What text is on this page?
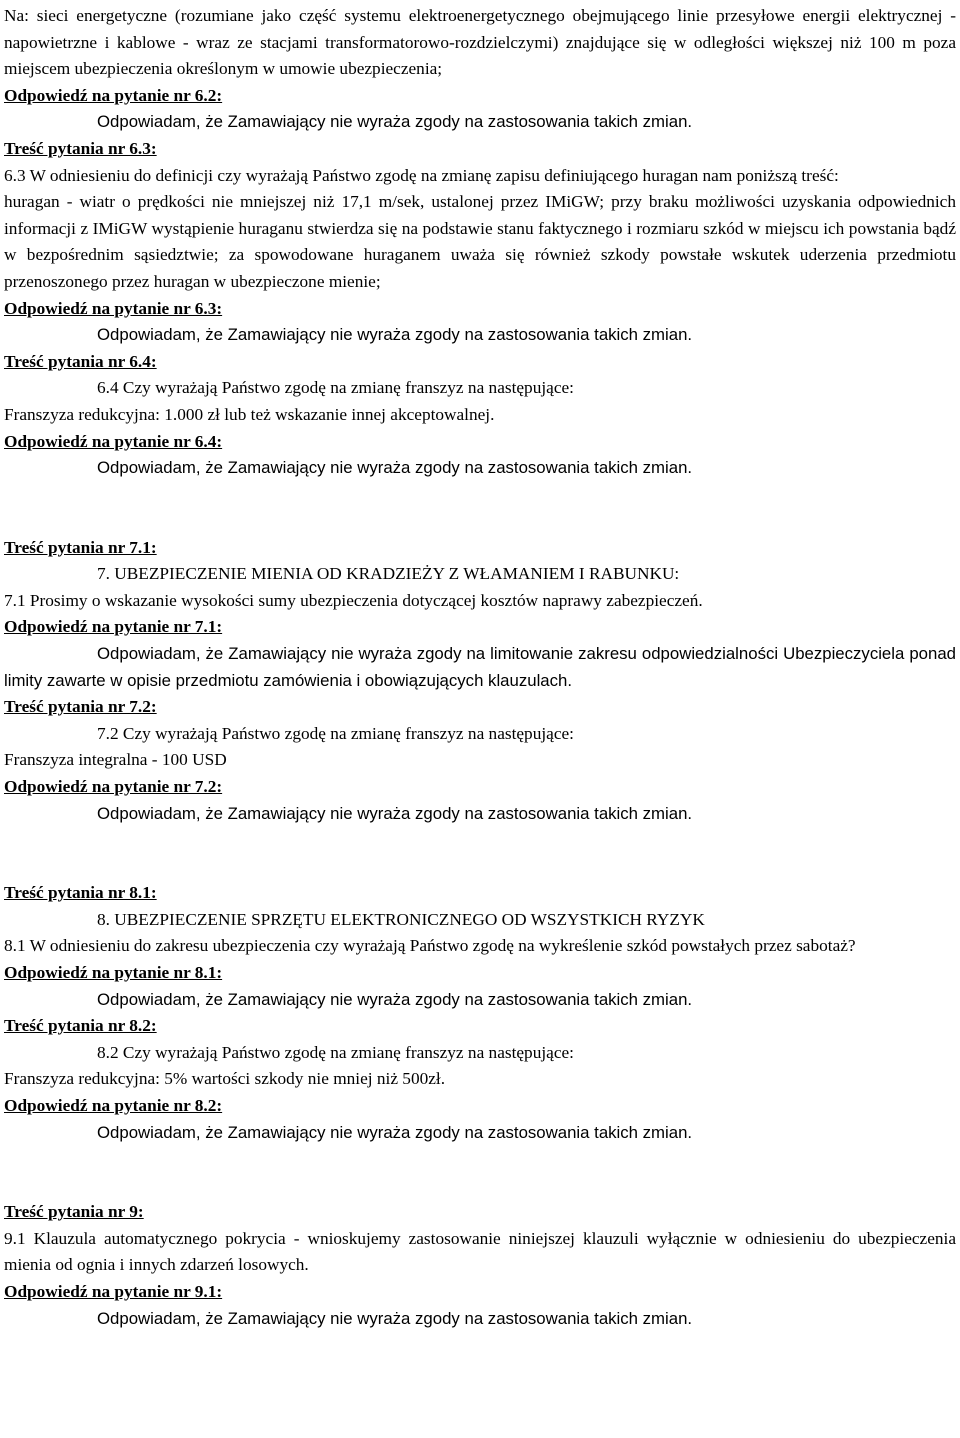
Na: sieci energetyczne (rozumiane jako część systemu elektroenergetycznego obejmującego linie przesyłowe energii elektrycznej - napowietrzne i kablowe - wraz ze stacjami transformatorowo-rozdzielczymi) znajdujące się w odległości większej niż 100 m poza miejscem ubezpieczenia określonym w umowie ubezpieczenia;

Odpowiedź na pytanie nr 6.2:

Odpowiadam, że Zamawiający nie wyraża zgody na zastosowania takich zmian.

Treść pytania nr 6.3:

6.3 W odniesieniu do definicji czy wyrażają Państwo zgodę na zmianę zapisu definiującego huragan nam poniższą treść:

huragan - wiatr o prędkości nie mniejszej niż 17,1 m/sek, ustalonej przez IMiGW; przy braku możliwości uzyskania odpowiednich informacji z IMiGW wystąpienie huraganu stwierdza się na podstawie stanu faktycznego i rozmiaru szkód w miejscu ich powstania bądź w bezpośrednim sąsiedztwie; za spowodowane huraganem uważa się również szkody powstałe wskutek uderzenia przedmiotu przenoszonego przez huragan w ubezpieczone mienie;

Odpowiedź na pytanie nr 6.3:

Odpowiadam, że Zamawiający nie wyraża zgody na zastosowania takich zmian.

Treść pytania nr 6.4:

6.4 Czy wyrażają Państwo zgodę na zmianę franszyz na następujące:

Franszyza redukcyjna: 1.000 zł lub też wskazanie innej akceptowalnej.

Odpowiedź na pytanie nr 6.4:

Odpowiadam, że Zamawiający nie wyraża zgody na zastosowania takich zmian.

Treść pytania nr 7.1:

7. UBEZPIECZENIE MIENIA OD KRADZIEŻY Z WŁAMANIEM I RABUNKU:

7.1 Prosimy o wskazanie wysokości sumy ubezpieczenia dotyczącej kosztów naprawy zabezpieczeń.

Odpowiedź na pytanie nr 7.1:

Odpowiadam, że Zamawiający nie wyraża zgody na limitowanie zakresu odpowiedzialności Ubezpieczyciela ponad limity zawarte w opisie przedmiotu zamówienia i obowiązujących klauzulach.

Treść pytania nr 7.2:

7.2 Czy wyrażają Państwo zgodę na zmianę franszyz na następujące:

Franszyza integralna - 100 USD

Odpowiedź na pytanie nr 7.2:

Odpowiadam, że Zamawiający nie wyraża zgody na zastosowania takich zmian.

Treść pytania nr 8.1:

8. UBEZPIECZENIE SPRZĘTU ELEKTRONICZNEGO OD WSZYSTKICH RYZYK

8.1 W odniesieniu do zakresu ubezpieczenia czy wyrażają Państwo zgodę na wykreślenie szkód powstałych przez sabotaż?

Odpowiedź na pytanie nr 8.1:

Odpowiadam, że Zamawiający nie wyraża zgody na zastosowania takich zmian.

Treść pytania nr 8.2:

8.2 Czy wyrażają Państwo zgodę na zmianę franszyz na następujące:

Franszyza redukcyjna: 5% wartości szkody nie mniej niż 500zł.

Odpowiedź na pytanie nr 8.2:

Odpowiadam, że Zamawiający nie wyraża zgody na zastosowania takich zmian.

Treść pytania nr 9:

9.1 Klauzula automatycznego pokrycia - wnioskujemy zastosowanie niniejszej klauzuli wyłącznie w odniesieniu do ubezpieczenia mienia od ognia i innych zdarzeń losowych.

Odpowiedź na pytanie nr 9.1:

Odpowiadam, że Zamawiający nie wyraża zgody na zastosowania takich zmian.
